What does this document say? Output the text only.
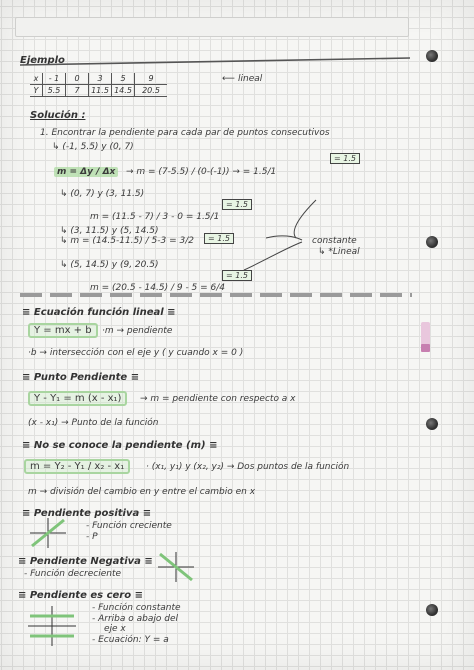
Ejemplo
x	- 1	0	3	5	9
Y	5.5	7	11.5	14.5	20.5
⟵ lineal
Solución :
1. Encontrar la pendiente para cada par de puntos consecutivos
↳ (-1, 5.5) y (0, 7)
= 1.5
m = Δy / Δx	→ m = (7-5.5) / (0-(-1)) → = 1.5/1
↳ (0, 7) y (3, 11.5)
= 1.5
m = (11.5 - 7) / 3 - 0 = 1.5/1
↳ (3, 11.5) y (5, 14.5)
↳ m = (14.5-11.5) / 5-3 = 3/2	= 1.5	constante
↳ *Lineal
↳ (5, 14.5) y (9, 20.5)
= 1.5
m = (20.5 - 14.5) / 9 - 5 = 6/4
≡ Ecuación función lineal ≡
Y = mx + b	·m → pendiente
·b → intersección con el eje y ( y cuando x = 0 )
≡ Punto Pendiente ≡
Y - Y₁ = m (x - x₁)	→ m = pendiente con respecto a x
(x - x₁) → Punto de la función
≡ No se conoce la pendiente (m) ≡
m = Y₂ - Y₁ / x₂ - x₁	· (x₁, y₁) y (x₂, y₂) → Dos puntos de la función
m → división del cambio en y entre el cambio en x
≡ Pendiente positiva ≡
- Función creciente
- P
≡ Pendiente Negativa ≡
- Función decreciente
≡ Pendiente es cero ≡
- Función constante
- Arriba o abajo del
eje x
- Ecuación: Y = a
